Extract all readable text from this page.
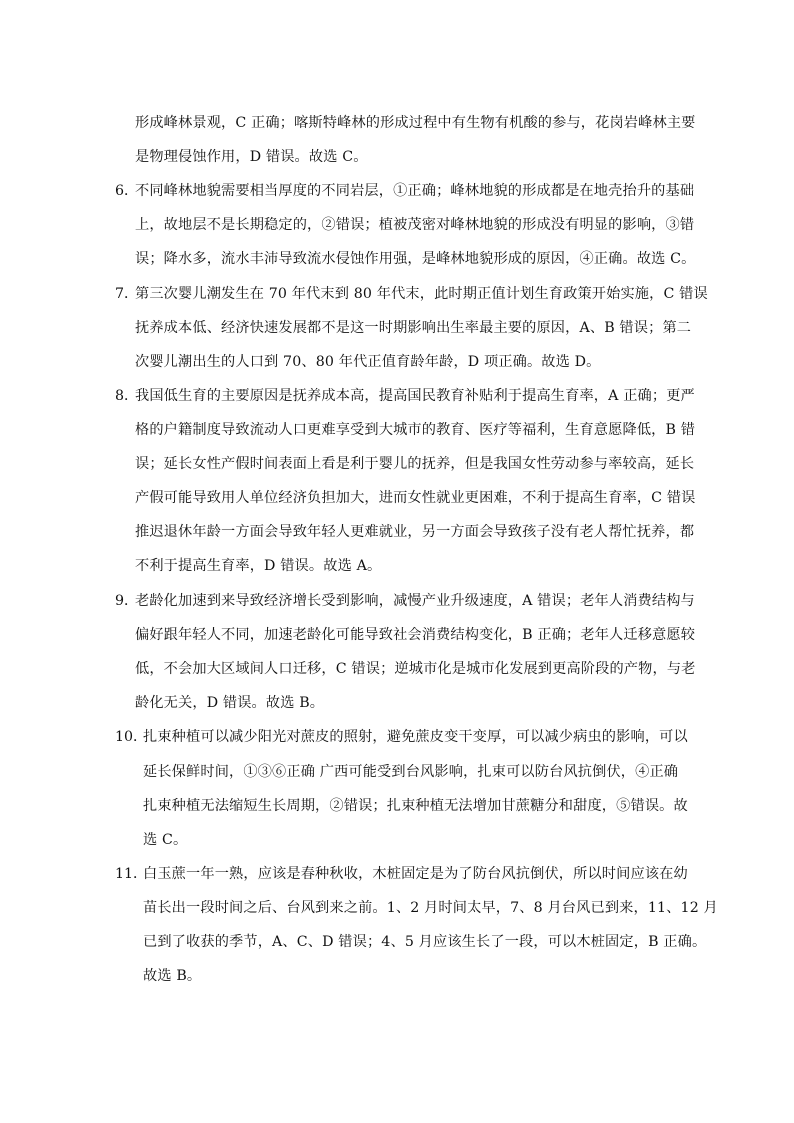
形成峰林景观，C 正确；喀斯特峰林的形成过程中有生物有机酸的参与，花岗岩峰林主要
是物理侵蚀作用，D 错误。故选 C。
6．
不同峰林地貌需要相当厚度的不同岩层，①正确；峰林地貌的形成都是在地壳抬升的基础
上，故地层不是长期稳定的，②错误；植被茂密对峰林地貌的形成没有明显的影响，③错
误；降水多，流水丰沛导致流水侵蚀作用强，是峰林地貌形成的原因，④正确。故选 C。
7．
第三次婴儿潮发生在 70 年代末到 80 年代末，此时期正值计划生育政策开始实施，C 错误
抚养成本低、经济快速发展都不是这一时期影响出生率最主要的原因，A、B 错误；第二
次婴儿潮出生的人口到 70、80 年代正值育龄年龄，D 项正确。故选 D。
8．
我国低生育的主要原因是抚养成本高，提高国民教育补贴利于提高生育率，A 正确；更严
格的户籍制度导致流动人口更难享受到大城市的教育、医疗等福利，生育意愿降低，B 错
误；延长女性产假时间表面上看是利于婴儿的抚养，但是我国女性劳动参与率较高，延长
产假可能导致用人单位经济负担加大，进而女性就业更困难，不利于提高生育率，C 错误
推迟退休年龄一方面会导致年轻人更难就业，另一方面会导致孩子没有老人帮忙抚养，都
不利于提高生育率，D 错误。故选 A。
9．
老龄化加速到来导致经济增长受到影响，减慢产业升级速度，A 错误；老年人消费结构与
偏好跟年轻人不同，加速老龄化可能导致社会消费结构变化，B 正确；老年人迁移意愿较
低，不会加大区域间人口迁移，C 错误；逆城市化是城市化发展到更高阶段的产物，与老
龄化无关，D 错误。故选 B。
10．
扎束种植可以减少阳光对蔗皮的照射，避免蔗皮变干变厚，可以减少病虫的影响，可以
延长保鲜时间，①③⑥正确 广西可能受到台风影响，扎束可以防台风抗倒伏，④正确
扎束种植无法缩短生长周期，②错误；扎束种植无法增加甘蔗糖分和甜度，⑤错误。故
选 C。
11．
白玉蔗一年一熟，应该是春种秋收，木桩固定是为了防台风抗倒伏，所以时间应该在幼
苗长出一段时间之后、台风到来之前。1、2 月时间太早，7、8 月台风已到来，11、12 月
已到了收获的季节，A、C、D 错误；4、5 月应该生长了一段，可以木桩固定，B 正确。
故选 B。
